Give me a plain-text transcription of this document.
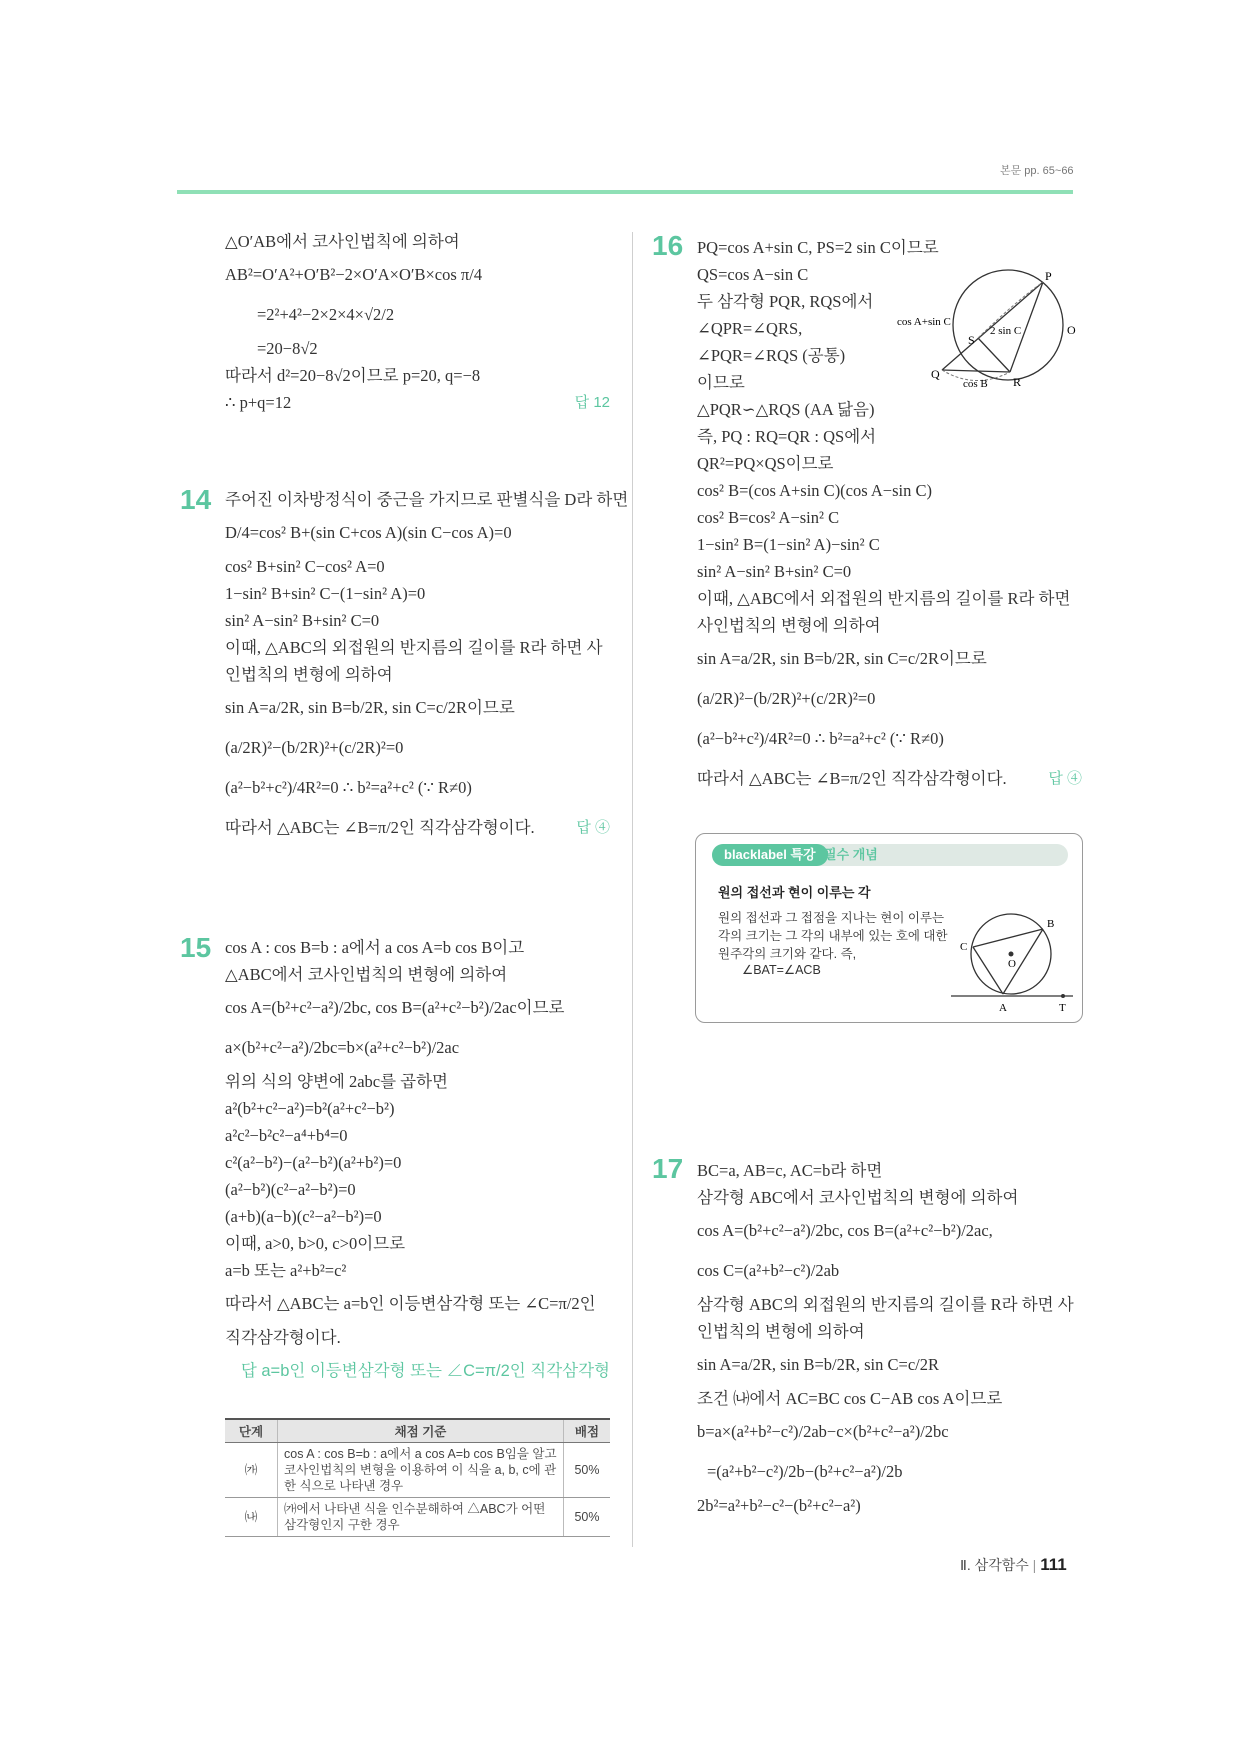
본문 pp. 65~66
△O′AB에서 코사인법칙에 의하여
AB²=O′A²+O′B²−2×O′A×O′B×cos π/4
=2²+4²−2×2×4×√2/2
=20−8√2
따라서 d²=20−8√2이므로 p=20, q=−8
∴ p+q=12	답 12
14 주어진 이차방정식이 중근을 가지므로 판별식을 D라 하면
D/4=cos² B+(sin C+cos A)(sin C−cos A)=0
cos² B+sin² C−cos² A=0
1−sin² B+sin² C−(1−sin² A)=0
sin² A−sin² B+sin² C=0
이때, △ABC의 외접원의 반지름의 길이를 R라 하면 사
인법칙의 변형에 의하여
sin A=a/2R, sin B=b/2R, sin C=c/2R이므로
(a/2R)²−(b/2R)²+(c/2R)²=0
(a²−b²+c²)/4R²=0 ∴ b²=a²+c² (∵ R≠0)
따라서 △ABC는 ∠B=π/2인 직각삼각형이다.	답 ④
15 cos A : cos B=b : a에서 a cos A=b cos B이고
△ABC에서 코사인법칙의 변형에 의하여
cos A=(b²+c²−a²)/2bc, cos B=(a²+c²−b²)/2ac이므로
a×(b²+c²−a²)/2bc=b×(a²+c²−b²)/2ac
위의 식의 양변에 2abc를 곱하면
a²(b²+c²−a²)=b²(a²+c²−b²)
a²c²−b²c²−a⁴+b⁴=0
c²(a²−b²)−(a²−b²)(a²+b²)=0
(a²−b²)(c²−a²−b²)=0
(a+b)(a−b)(c²−a²−b²)=0
이때, a>0, b>0, c>0이므로
a=b 또는 a²+b²=c²
따라서 △ABC는 a=b인 이등변삼각형 또는 ∠C=π/2인
직각삼각형이다.
답 a=b인 이등변삼각형 또는 ∠C=π/2인 직각삼각형
단계	채점 기준	배점
㈎	cos A : cos B=b : a에서 a cos A=b cos B임을 알고 코사인법칙의 변형을 이용하여 이 식을 a, b, c에 관한 식으로 나타낸 경우	50%
㈏	㈎에서 나타낸 식을 인수분해하여 △ABC가 어떤 삼각형인지 구한 경우	50%
16 PQ=cos A+sin C, PS=2 sin C이므로
QS=cos A−sin C
두 삼각형 PQR, RQS에서
∠QPR=∠QRS,
∠PQR=∠RQS (공통)
이므로
△PQR∽△RQS (AA 닮음)
즉, PQ : RQ=QR : QS에서
QR²=PQ×QS이므로
cos² B=(cos A+sin C)(cos A−sin C)
cos² B=cos² A−sin² C
1−sin² B=(1−sin² A)−sin² C
sin² A−sin² B+sin² C=0
이때, △ABC에서 외접원의 반지름의 길이를 R라 하면
사인법칙의 변형에 의하여
sin A=a/2R, sin B=b/2R, sin C=c/2R이므로
(a/2R)²−(b/2R)²+(c/2R)²=0
(a²−b²+c²)/4R²=0 ∴ b²=a²+c² (∵ R≠0)
따라서 △ABC는 ∠B=π/2인 직각삼각형이다.	답 ④
P
Q
R
S
O
cos A+sin C
2 sin C
cos B
blacklabel 특강 필수 개념
원의 접선과 현이 이루는 각
원의 접선과 그 접점을 지나는 현이 이루는
각의 크기는 그 각의 내부에 있는 호에 대한
원주각의 크기와 같다. 즉,
∠BAT=∠ACB
A
B
C
O
T
17 BC=a, AB=c, AC=b라 하면
삼각형 ABC에서 코사인법칙의 변형에 의하여
cos A=(b²+c²−a²)/2bc, cos B=(a²+c²−b²)/2ac,
cos C=(a²+b²−c²)/2ab
삼각형 ABC의 외접원의 반지름의 길이를 R라 하면 사
인법칙의 변형에 의하여
sin A=a/2R, sin B=b/2R, sin C=c/2R
조건 ㈏에서 AC=BC cos C−AB cos A이므로
b=a×(a²+b²−c²)/2ab−c×(b²+c²−a²)/2bc
=(a²+b²−c²)/2b−(b²+c²−a²)/2b
2b²=a²+b²−c²−(b²+c²−a²)
Ⅱ. 삼각함수 | 111
